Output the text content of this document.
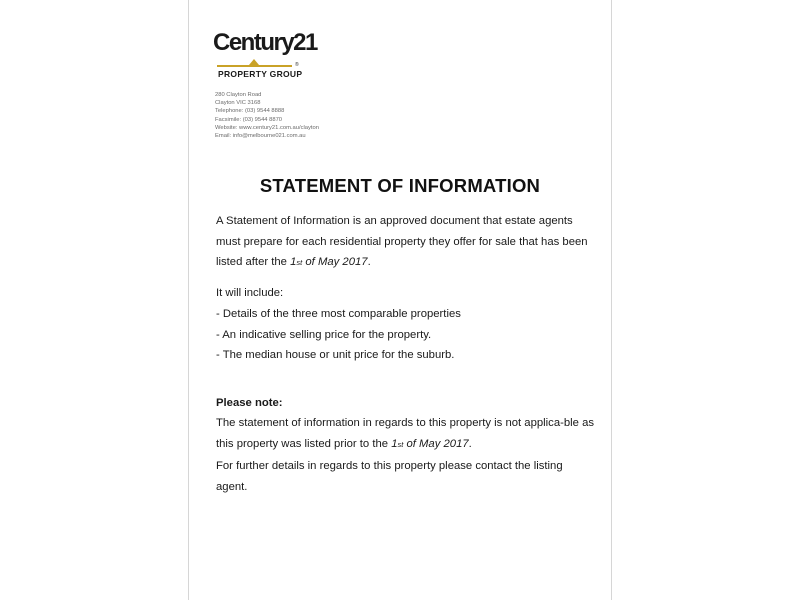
Century21
®
PROPERTY GROUP
280 Clayton Road
Clayton VIC 3168
Telephone: (03) 9544 8888
Facsimile: (03) 9544 8870
Website: www.century21.com.au/clayton
Email: info@melbourne021.com.au
STATEMENT OF INFORMATION
A Statement of Information is an approved document that estate agents must prepare for each residential property they offer for sale that has been listed after the 1st of May 2017.
It will include:
- Details of the three most comparable properties
- An indicative selling price for the property.
- The median house or unit price for the suburb.
Please note:
The statement of information in regards to this property is not applica-ble as this property was listed prior to the 1st of May 2017.
For further details in regards to this property please contact the listing agent.
